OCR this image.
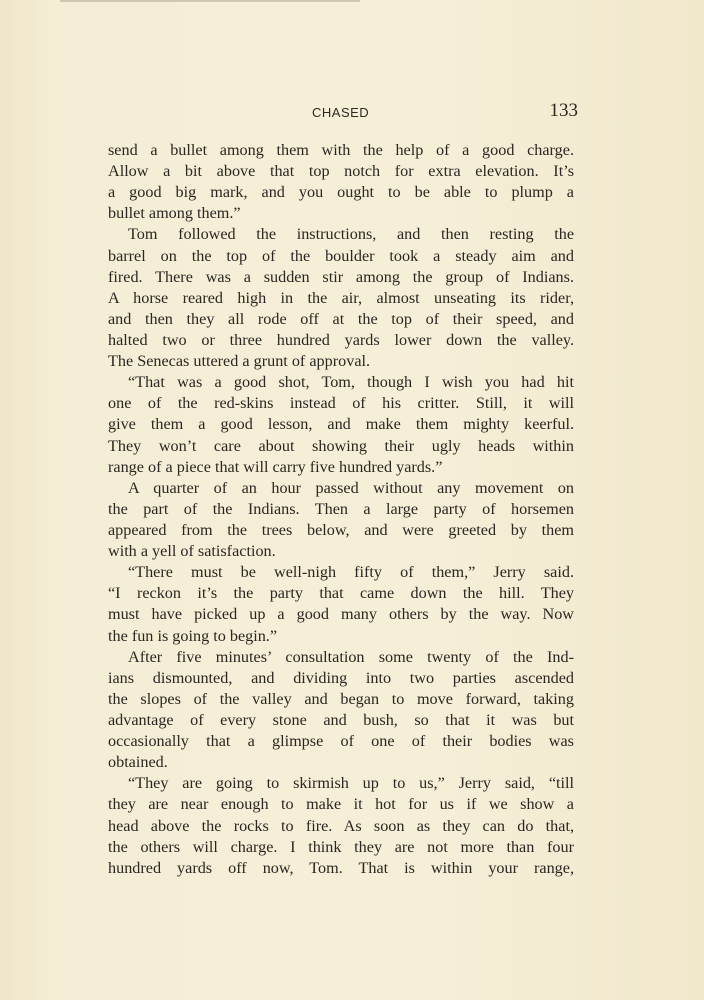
CHASED	133
send a bullet among them with the help of a good charge.
Allow a bit above that top notch for extra elevation. It’s
a good big mark, and you ought to be able to plump a
bullet among them.”
Tom followed the instructions, and then resting the
barrel on the top of the boulder took a steady aim and
fired. There was a sudden stir among the group of Indians.
A horse reared high in the air, almost unseating its rider,
and then they all rode off at the top of their speed, and
halted two or three hundred yards lower down the valley.
The Senecas uttered a grunt of approval.
“That was a good shot, Tom, though I wish you had hit
one of the red-skins instead of his critter. Still, it will
give them a good lesson, and make them mighty keerful.
They won’t care about showing their ugly heads within
range of a piece that will carry five hundred yards.”
A quarter of an hour passed without any movement on
the part of the Indians. Then a large party of horsemen
appeared from the trees below, and were greeted by them
with a yell of satisfaction.
“There must be well-nigh fifty of them,” Jerry said.
“I reckon it’s the party that came down the hill. They
must have picked up a good many others by the way. Now
the fun is going to begin.”
After five minutes’ consultation some twenty of the Ind-
ians dismounted, and dividing into two parties ascended
the slopes of the valley and began to move forward, taking
advantage of every stone and bush, so that it was but
occasionally that a glimpse of one of their bodies was
obtained.
“They are going to skirmish up to us,” Jerry said, “till
they are near enough to make it hot for us if we show a
head above the rocks to fire. As soon as they can do that,
the others will charge. I think they are not more than four
hundred yards off now, Tom. That is within your range,
